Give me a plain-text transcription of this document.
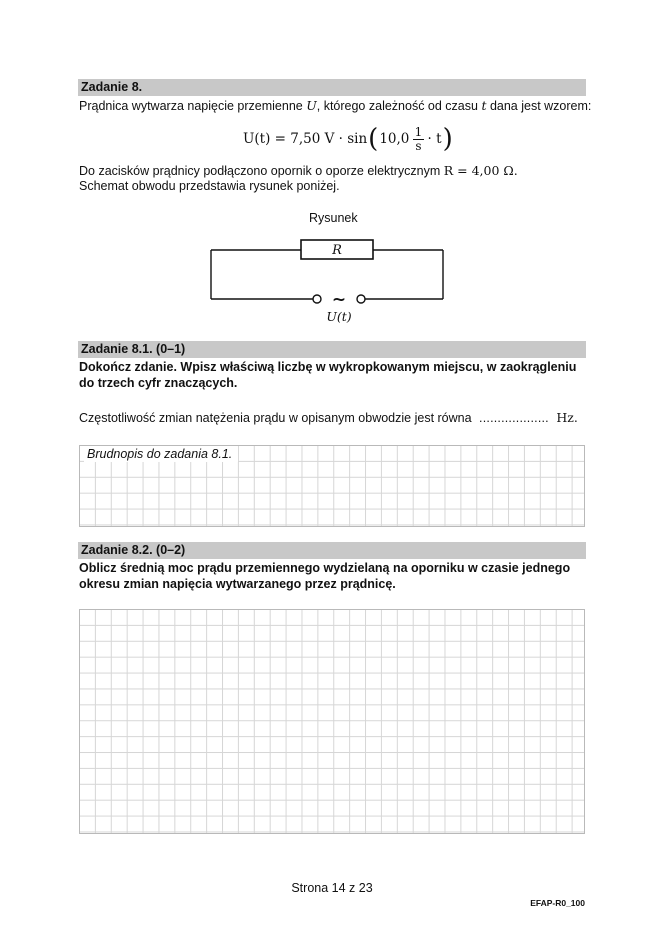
Zadanie 8.
Prądnica wytwarza napięcie przemienne U, którego zależność od czasu t dana jest wzorem:
U(t) = 7,50 V · sin ( 10,0 1
s · t )
Do zacisków prądnicy podłączono opornik o oporze elektrycznym R = 4,00 Ω.
Schemat obwodu przedstawia rysunek poniżej.
Rysunek
R
~
U(t)
Zadanie 8.1. (0–1)
Dokończ zdanie. Wpisz właściwą liczbę w wykropkowanym miejscu, w zaokrągleniu
do trzech cyfr znaczących.
Częstotliwość zmian natężenia prądu w opisanym obwodzie jest równa ................... Hz.
Brudnopis do zadania 8.1.
Zadanie 8.2. (0–2)
Oblicz średnią moc prądu przemiennego wydzielaną na oporniku w czasie jednego
okresu zmian napięcia wytwarzanego przez prądnicę.
Strona 14 z 23
EFAP-R0_100
